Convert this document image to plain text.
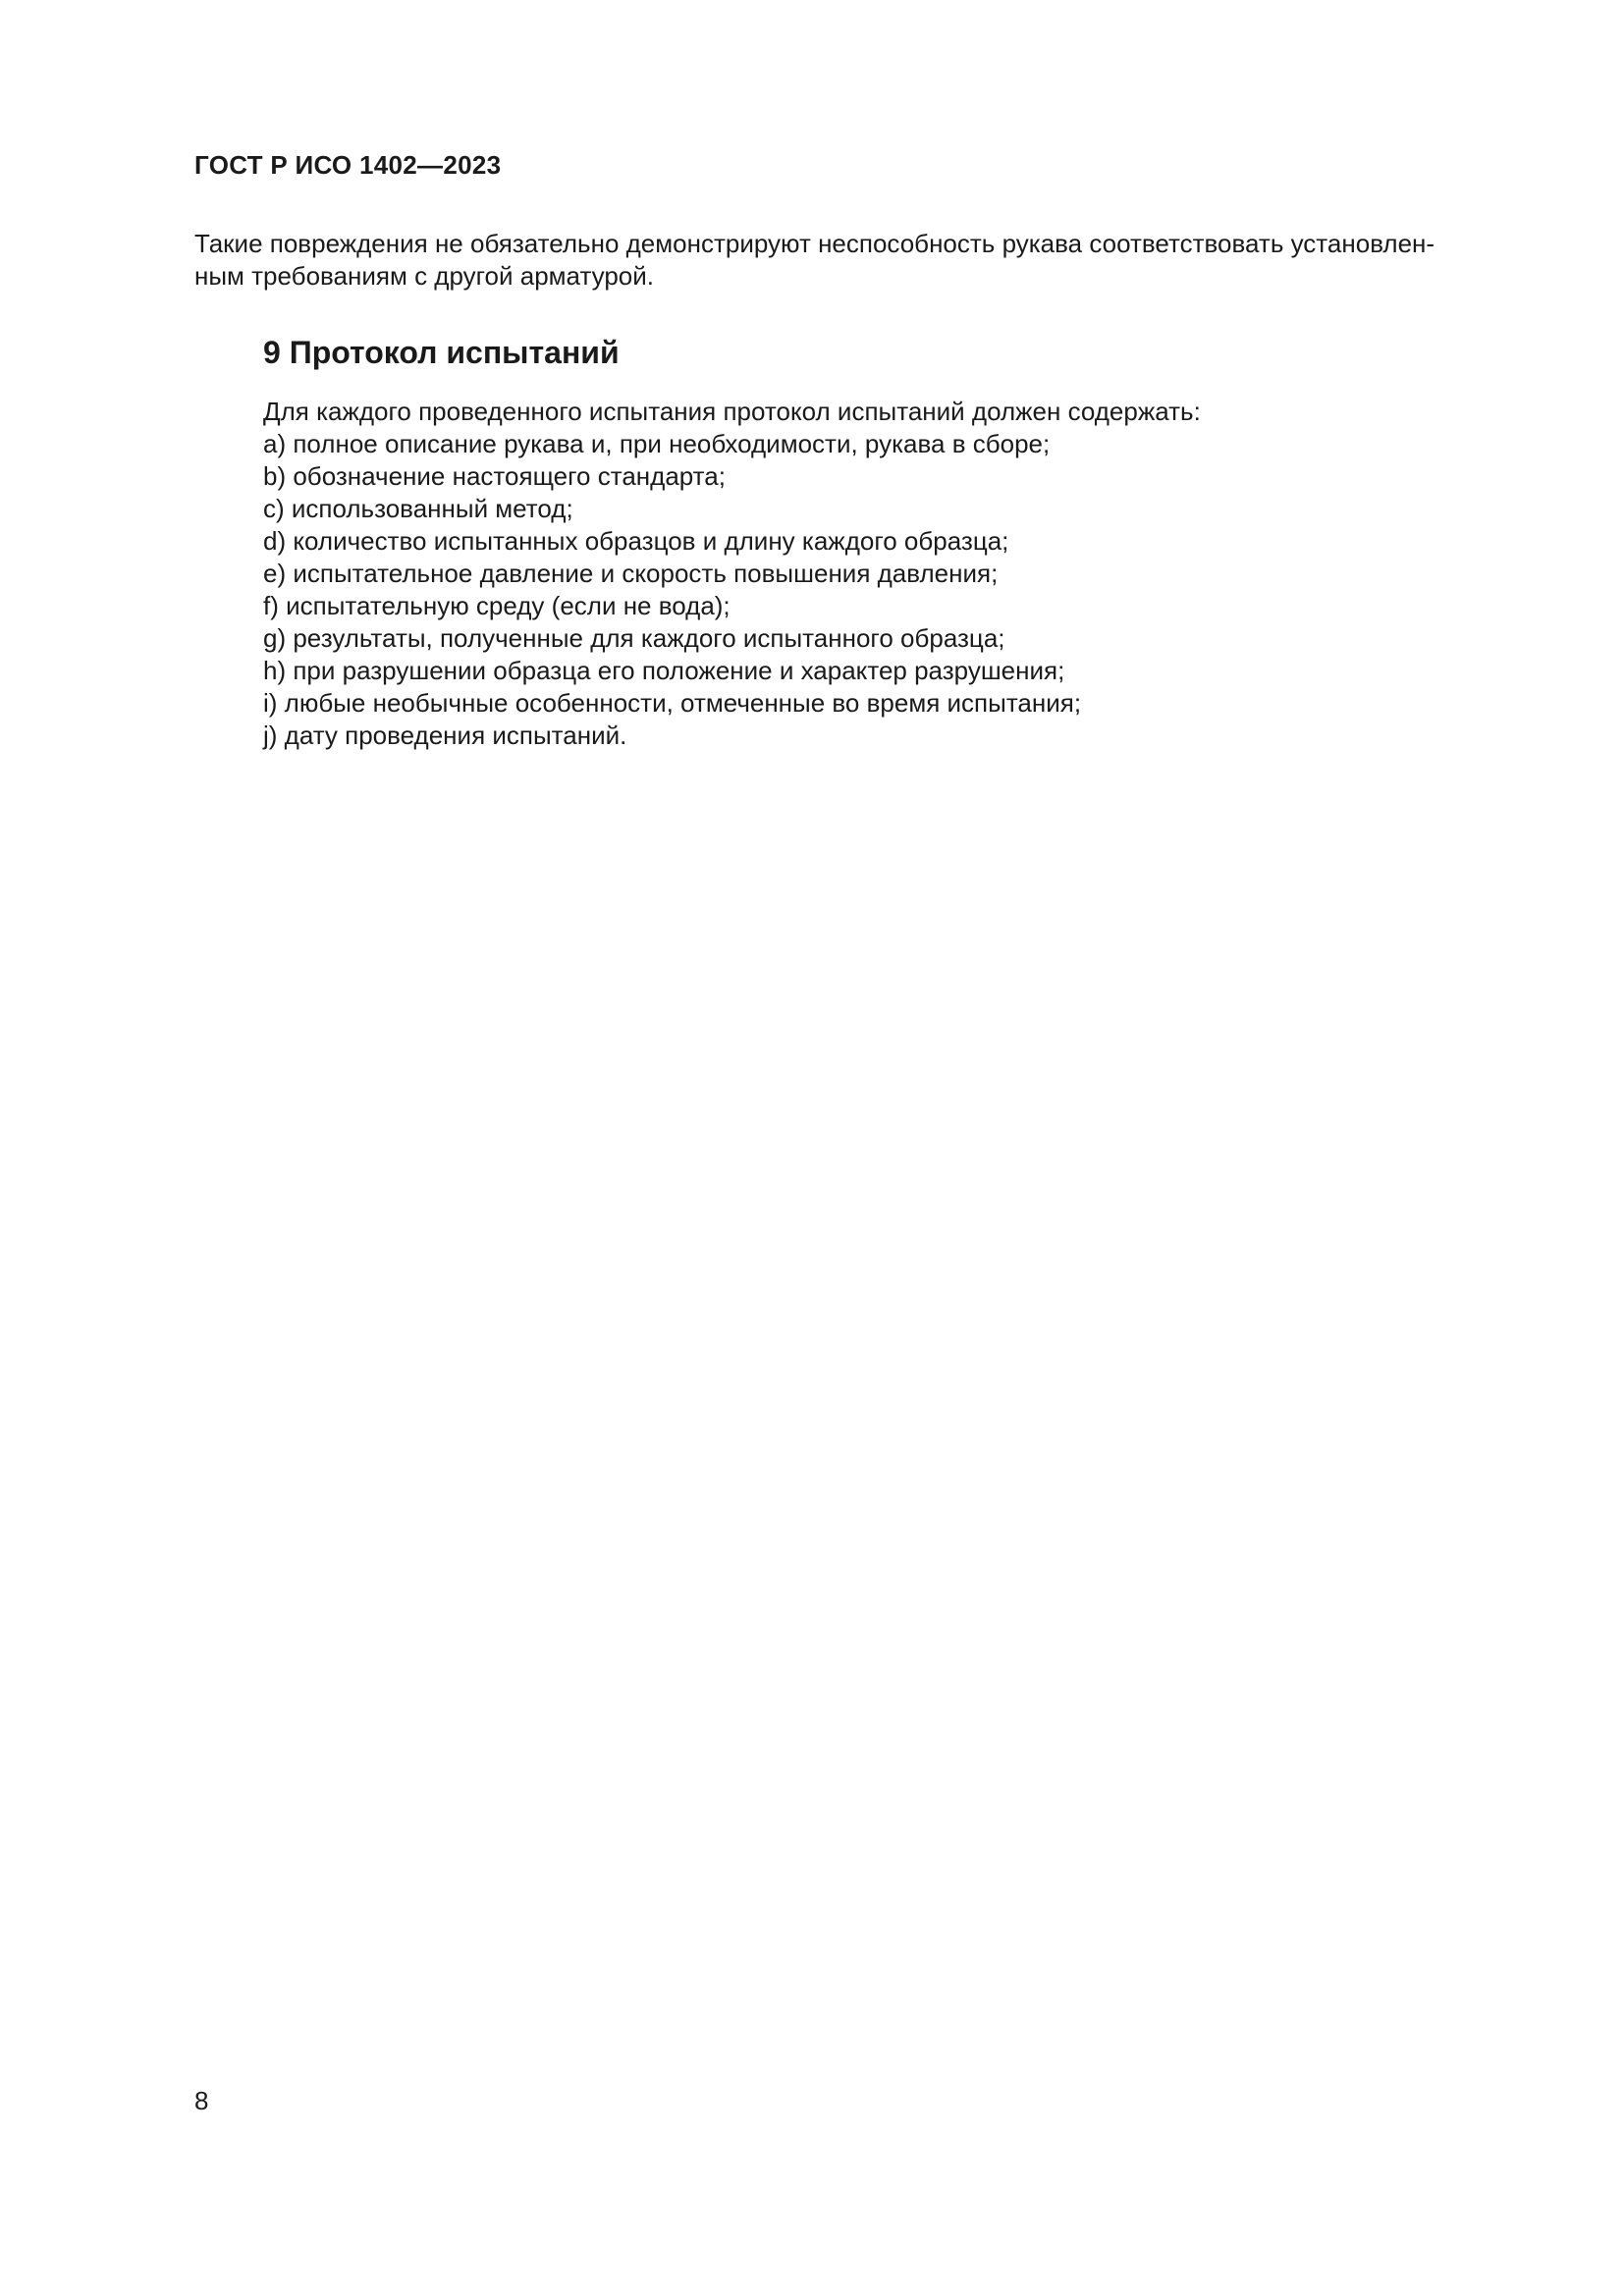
ГОСТ Р ИСО 1402—2023

Такие повреждения не обязательно демонстрируют неспособность рукава соответствовать установлен-
ным требованиям с другой арматурой.

9 Протокол испытаний

Для каждого проведенного испытания протокол испытаний должен содержать:

a) полное описание рукава и, при необходимости, рукава в сборе;
b) обозначение настоящего стандарта;
c) использованный метод;
d) количество испытанных образцов и длину каждого образца;
e) испытательное давление и скорость повышения давления;
f) испытательную среду (если не вода);
g) результаты, полученные для каждого испытанного образца;
h) при разрушении образца его положение и характер разрушения;
i) любые необычные особенности, отмеченные во время испытания;
j) дату проведения испытаний.
8
